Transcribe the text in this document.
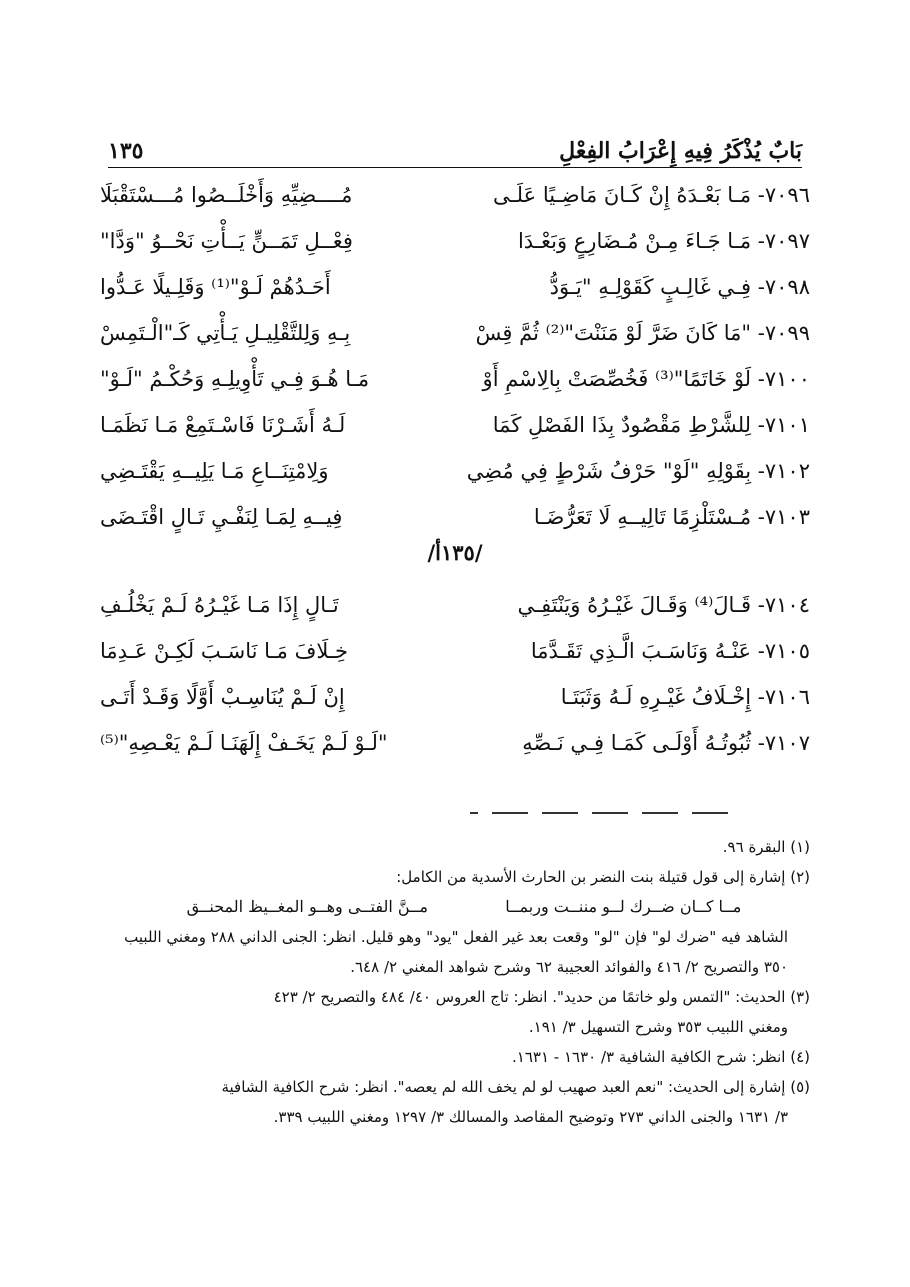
بَابٌ يُذْكَرُ فِيهِ إِعْرَابُ الفِعْلِ
١٣٥
٧٠٩٦- مَـا بَعْـدَهُ إِنْ كَـانَ مَاضِـيًا عَلَـى
مُــــضِيِّهِ وَأَخْلَــصُوا مُـــسْتَقْبَلَا
٧٠٩٧- مَـا جَـاءَ مِـنْ مُـضَارِعٍ وَبَعْـدَا
فِعْــلِ تَمَــنٍّ يَــأْتِ نَحْــوُ "وَدَّا"
٧٠٩٨- فِـي غَالِـبٍ كَقَوْلِـهِ "يَـوَدُّ
أَحَـدُهُمْ لَـوْ"⁽¹⁾ وَقَلِـيلًا عَـدُّوا
٧٠٩٩- "مَا كَانَ ضَرَّ لَوْ مَنَنْتَ"⁽²⁾ ثُمَّ قِسْ
بِـهِ وَلِلتَّقْلِيـلِ يَـأْتِي كَـ"الْـتَمِسْ
٧١٠٠- لَوْ خَاتَمًا"⁽³⁾ فَخُصِّصَتْ بِالِاسْمِ أَوْ
مَـا هُـوَ فِـي تَأْوِيلِـهِ وَحُكْـمُ "لَـوْ"
٧١٠١- لِلشَّرْطِ مَقْصُودٌ بِذَا الفَصْلِ كَمَا
لَـهُ أَشَـرْنَا فَاسْـتَمِعْ مَـا نَظَمَـا
٧١٠٢- بِقَوْلِهِ "لَوْ" حَرْفُ شَرْطٍ فِي مُضِي
وَلِامْتِنَــاعِ مَـا يَلِيــهِ يَقْتَـضِي
٧١٠٣- مُـسْتَلْزِمًا تَالِيــهِ لَا تَعَرُّضَـا
فِيــهِ لِمَـا لِنَفْـيِ تَـالٍ اقْتَـضَى
/١٣٥أ/
٧١٠٤- قَـالَ⁽⁴⁾ وَقَـالَ غَيْـرُهُ وَيَنْتَفِـي
تَـالٍ إِذَا مَـا غَيْـرُهُ لَـمْ يَخْلُـفِ
٧١٠٥- عَنْـهُ وَنَاسَـبَ الَّـذِي تَقَـدَّمَا
خِـلَافَ مَـا نَاسَـبَ لَكِـنْ عَـدِمَا
٧١٠٦- إِخْـلَافُ غَيْـرِهِ لَـهُ وَثَبَتَـا
إِنْ لَـمْ يُنَاسِـبْ أَوَّلًا وَقَـدْ أَتَـى
٧١٠٧- ثُبُوتُـهُ أَوْلَـى كَمَـا فِـي نَـصِّهِ
"لَـوْ لَـمْ يَخَـفْ إِلَهَنَـا لَـمْ يَعْـصِهِ"⁽⁵⁾

(١) البقرة ٩٦.

(٢) إشارة إلى قول قتيلة بنت النضر بن الحارث الأسدية من الكامل:

مــا كــان ضــرك لــو مننــت وربمــا
مــنَّ الفتــى وهــو المغــيظ المحنــق

الشاهد فيه "ضرك لو" فإن "لو" وقعت بعد غير الفعل "يود" وهو قليل. انظر: الجنى الداني ٢٨٨ ومغني اللبيب ٣٥٠ والتصريح ٢/ ٤١٦ والفوائد العجيبة ٦٢ وشرح شواهد المغني ٢/ ٦٤٨.

(٣) الحديث: "التمس ولو خاتمًا من حديد". انظر: تاج العروس ٤٠/ ٤٨٤ والتصريح ٢/ ٤٢٣
ومغني اللبيب ٣٥٣ وشرح التسهيل ٣/ ١٩١.

(٤) انظر: شرح الكافية الشافية ٣/ ١٦٣٠ - ١٦٣١.

(٥) إشارة إلى الحديث: "نعم العبد صهيب لو لم يخف الله لم يعصه". انظر: شرح الكافية الشافية
٣/ ١٦٣١ والجنى الداني ٢٧٣ وتوضيح المقاصد والمسالك ٣/ ١٢٩٧ ومغني اللبيب ٣٣٩.
